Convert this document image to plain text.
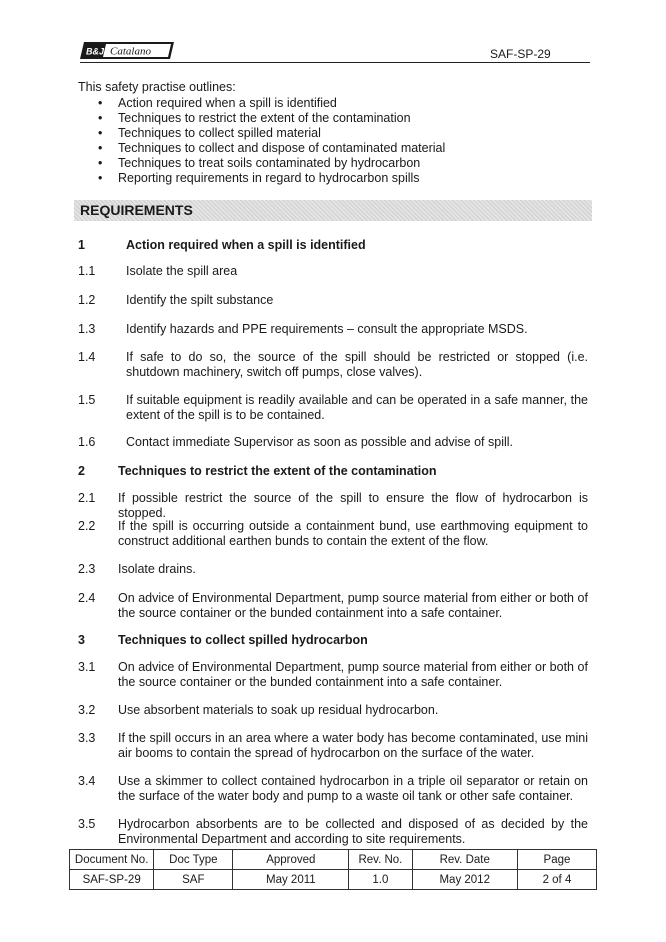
B&J Catalano	SAF-SP-29

This safety practise outlines:

• Action required when a spill is identified
• Techniques to restrict the extent of the contamination
• Techniques to collect spilled material
• Techniques to collect and dispose of contaminated material
• Techniques to treat soils contaminated by hydrocarbon
• Reporting requirements in regard to hydrocarbon spills
REQUIREMENTS
1	Action required when a spill is identified
1.1 Isolate the spill area
1.2 Identify the spilt substance
1.3 Identify hazards and PPE requirements – consult the appropriate MSDS.
1.4 If safe to do so, the source of the spill should be restricted or stopped (i.e. shutdown machinery, switch off pumps, close valves).
1.5 If suitable equipment is readily available and can be operated in a safe manner, the extent of the spill is to be contained.
1.6 Contact immediate Supervisor as soon as possible and advise of spill.
2	Techniques to restrict the extent of the contamination
2.1 If possible restrict the source of the spill to ensure the flow of hydrocarbon is stopped.
2.2 If the spill is occurring outside a containment bund, use earthmoving equipment to construct additional earthen bunds to contain the extent of the flow.
2.3 Isolate drains.
2.4 On advice of Environmental Department, pump source material from either or both of the source container or the bunded containment into a safe container.
3	Techniques to collect spilled hydrocarbon
3.1 On advice of Environmental Department, pump source material from either or both of the source container or the bunded containment into a safe container.
3.2 Use absorbent materials to soak up residual hydrocarbon.
3.3 If the spill occurs in an area where a water body has become contaminated, use mini air booms to contain the spread of hydrocarbon on the surface of the water.
3.4 Use a skimmer to collect contained hydrocarbon in a triple oil separator or retain on the surface of the water body and pump to a waste oil tank or other safe container.
3.5 Hydrocarbon absorbents are to be collected and disposed of as decided by the Environmental Department and according to site requirements.
Document No.	Doc Type	Approved	Rev. No.	Rev. Date	Page
SAF-SP-29	SAF	May 2011	1.0	May 2012	2 of 4
